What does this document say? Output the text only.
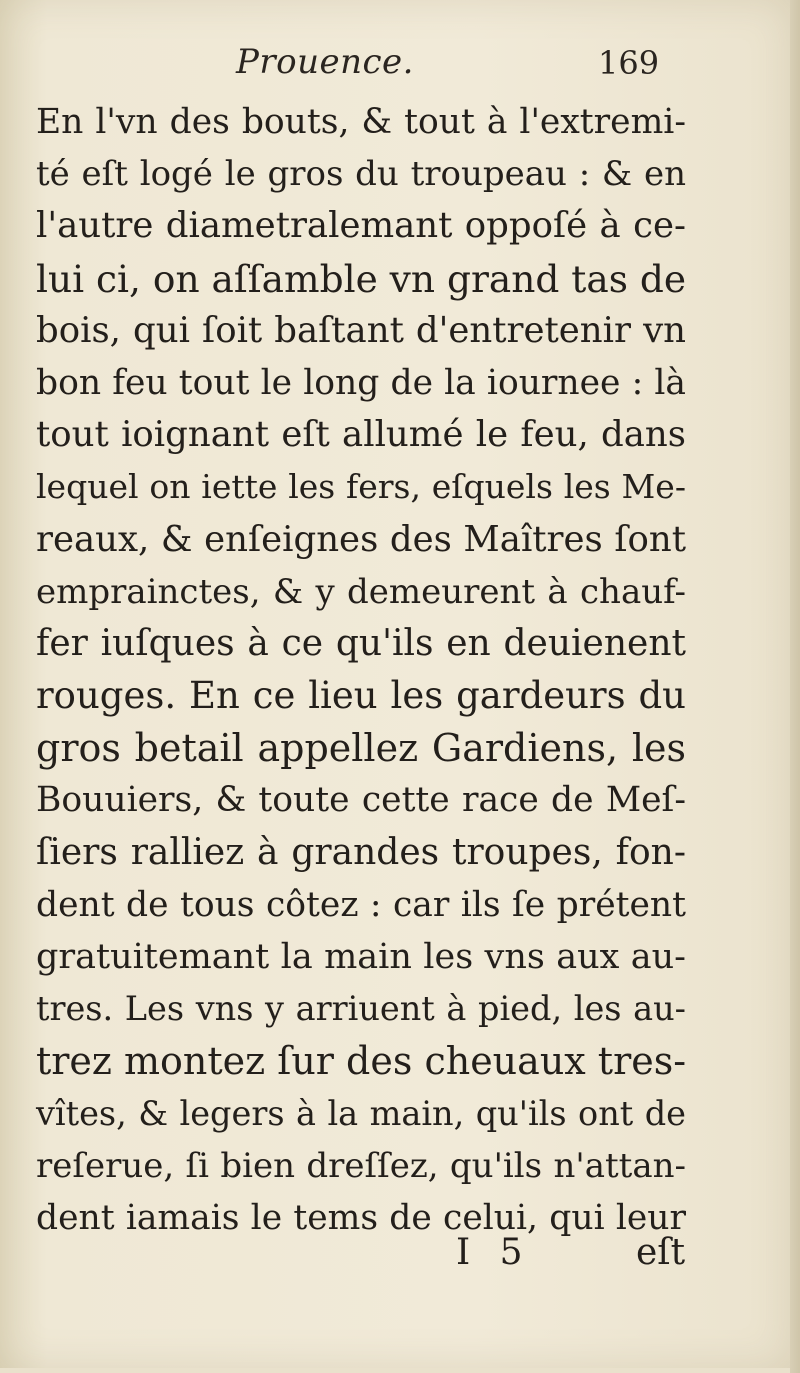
Prouence.	169
En l'vn des bouts, & tout à l'extremi-
té eſt logé le gros du troupeau : & en
l'autre diametralemant oppoſé à ce-
lui ci, on aſſamble vn grand tas de
bois, qui ſoit baſtant d'entretenir vn
bon feu tout le long de la iournee : là
tout ioignant eſt allumé le feu, dans
lequel on iette les fers, eſquels les Me-
reaux, & enſeignes des Maîtres ſont
emprainctes, & y demeurent à chauf-
fer iuſques à ce qu'ils en deuienent
rouges. En ce lieu les gardeurs du
gros betail appellez Gardiens, les
Bouuiers, & toute cette race de Meſ-
ſiers ralliez à grandes troupes, fon-
dent de tous côtez : car ils ſe prétent
gratuitemant la main les vns aux au-
tres. Les vns y arriuent à pied, les au-
trez montez ſur des cheuaux tres-
vîtes, & legers à la main, qu'ils ont de
reſerue, ſi bien dreſſez, qu'ils n'attan-
dent iamais le tems de celui, qui leur
I 5	eſt
